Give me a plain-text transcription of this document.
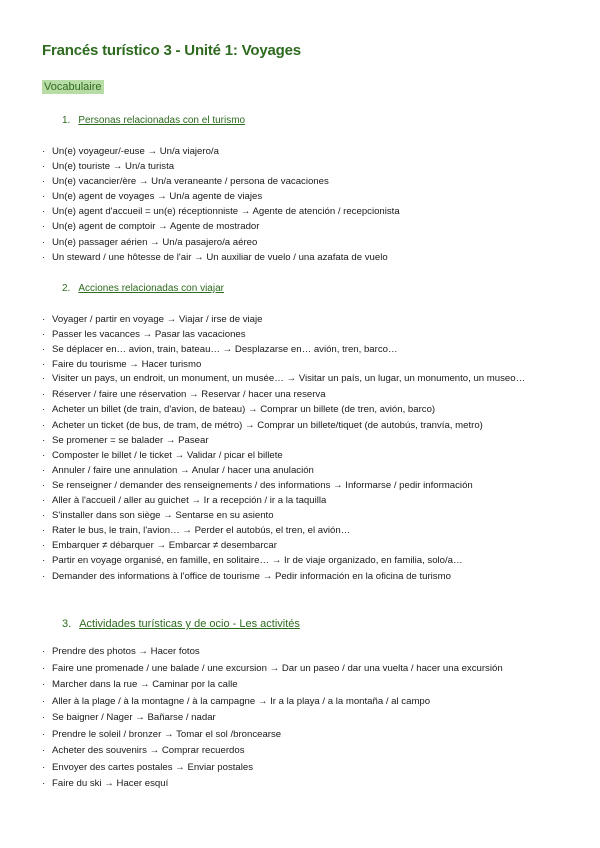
Francés turístico 3 - Unité 1: Voyages
Vocabulaire
1. Personas relacionadas con el turismo
· Un(e) voyageur/-euse → Un/a viajero/a
· Un(e) touriste → Un/a turista
· Un(e) vacancier/ère → Un/a veraneante / persona de vacaciones
· Un(e) agent de voyages → Un/a agente de viajes
· Un(e) agent d'accueil = un(e) réceptionniste → Agente de atención / recepcionista
· Un(e) agent de comptoir → Agente de mostrador
· Un(e) passager aérien → Un/a pasajero/a aéreo
· Un steward / une hôtesse de l'air → Un auxiliar de vuelo / una azafata de vuelo
2. Acciones relacionadas con viajar
· Voyager / partir en voyage → Viajar / irse de viaje
· Passer les vacances → Pasar las vacaciones
· Se déplacer en… avion, train, bateau… → Desplazarse en… avión, tren, barco…
· Faire du tourisme → Hacer turismo
· Visiter un pays, un endroit, un monument, un musée… → Visitar un país, un lugar, un monumento, un museo…
· Réserver / faire une réservation → Reservar / hacer una reserva
· Acheter un billet (de train, d'avion, de bateau) → Comprar un billete (de tren, avión, barco)
· Acheter un ticket (de bus, de tram, de métro) → Comprar un billete/tiquet (de autobús, tranvía, metro)
· Se promener = se balader → Pasear
· Composter le billet / le ticket → Validar / picar el billete
· Annuler / faire une annulation → Anular / hacer una anulación
· Se renseigner / demander des renseignements / des informations → Informarse / pedir información
· Aller à l'accueil / aller au guichet → Ir a recepción / ir a la taquilla
· S'installer dans son siège → Sentarse en su asiento
· Rater le bus, le train, l'avion… → Perder el autobús, el tren, el avión…
· Embarquer ≠ débarquer → Embarcar ≠ desembarcar
· Partir en voyage organisé, en famille, en solitaire… → Ir de viaje organizado, en familia, solo/a…
· Demander des informations à l'office de tourisme → Pedir información en la oficina de turismo
3. Actividades turísticas y de ocio - Les activités
· Prendre des photos → Hacer fotos
· Faire une promenade / une balade / une excursion → Dar un paseo / dar una vuelta / hacer una excursión
· Marcher dans la rue → Caminar por la calle
· Aller à la plage / à la montagne / à la campagne → Ir a la playa / a la montaña / al campo
· Se baigner / Nager → Bañarse / nadar
· Prendre le soleil / bronzer → Tomar el sol /broncearse
· Acheter des souvenirs → Comprar recuerdos
· Envoyer des cartes postales → Enviar postales
· Faire du ski → Hacer esquí
